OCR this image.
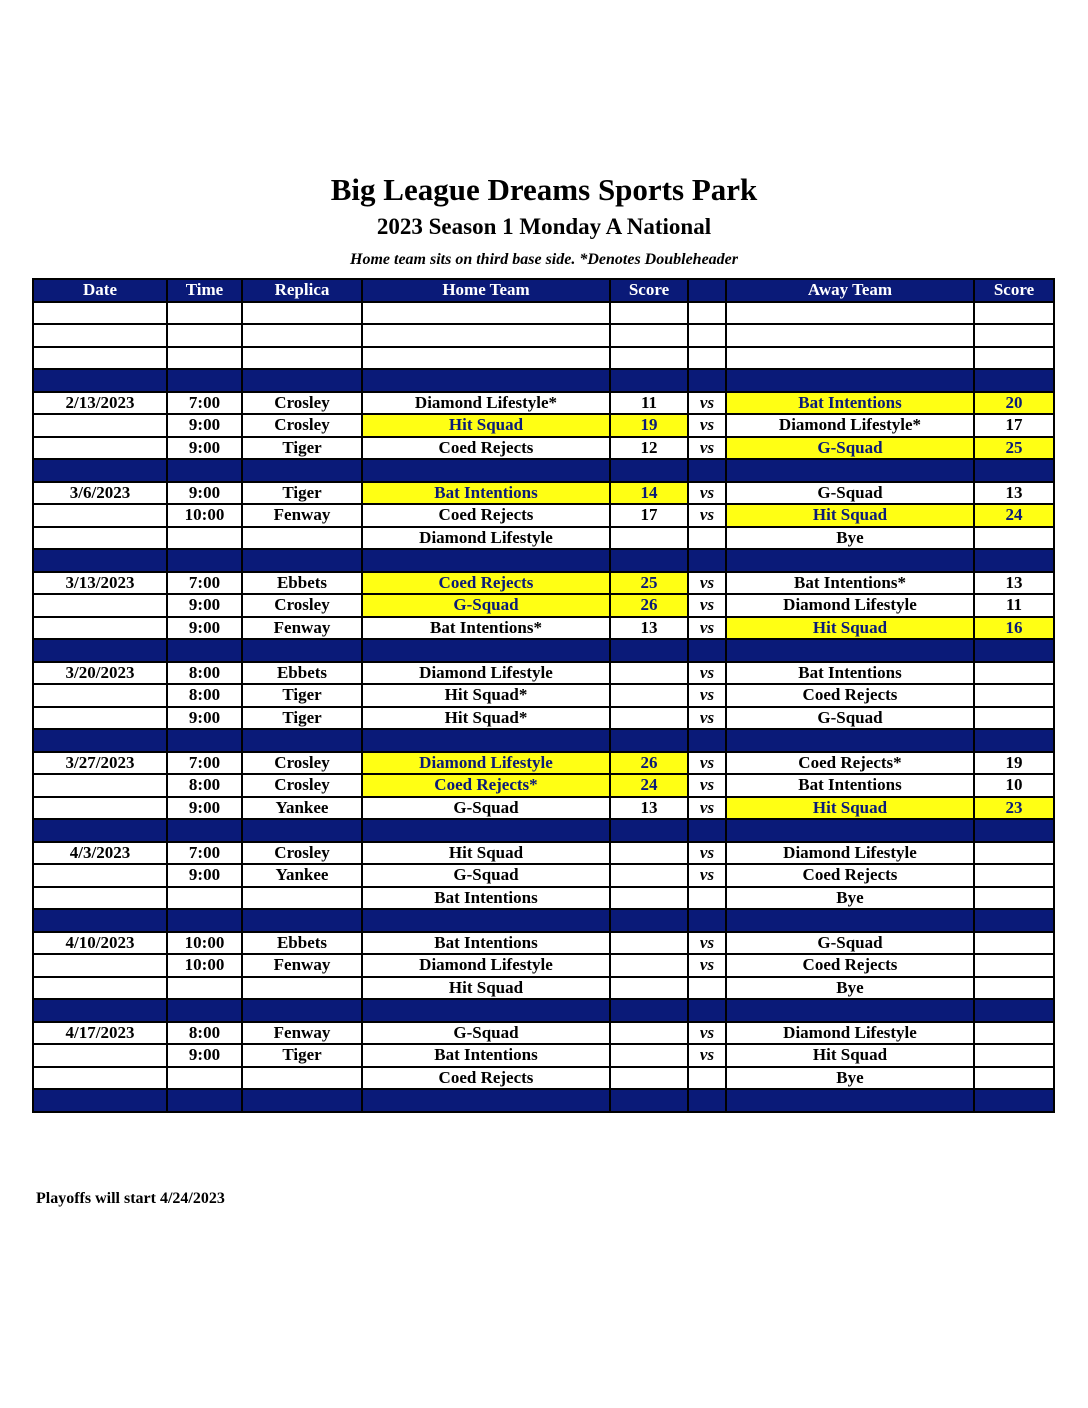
Big League Dreams Sports Park
2023 Season 1 Monday A National

Home team sits on third base side. *Denotes Doubleheader

Date	Time	Replica	Home Team	Score		Away Team	Score

2/13/2023	7:00	Crosley	Diamond Lifestyle*	11	vs	Bat Intentions	20
	9:00	Crosley	Hit Squad	19	vs	Diamond Lifestyle*	17
	9:00	Tiger	Coed Rejects	12	vs	G-Squad	25

3/6/2023	9:00	Tiger	Bat Intentions	14	vs	G-Squad	13
	10:00	Fenway	Coed Rejects	17	vs	Hit Squad	24
			Diamond Lifestyle			Bye	

3/13/2023	7:00	Ebbets	Coed Rejects	25	vs	Bat Intentions*	13
	9:00	Crosley	G-Squad	26	vs	Diamond Lifestyle	11
	9:00	Fenway	Bat Intentions*	13	vs	Hit Squad	16

3/20/2023	8:00	Ebbets	Diamond Lifestyle		vs	Bat Intentions	
	8:00	Tiger	Hit Squad*		vs	Coed Rejects	
	9:00	Tiger	Hit Squad*		vs	G-Squad	

3/27/2023	7:00	Crosley	Diamond Lifestyle	26	vs	Coed Rejects*	19
	8:00	Crosley	Coed Rejects*	24	vs	Bat Intentions	10
	9:00	Yankee	G-Squad	13	vs	Hit Squad	23

4/3/2023	7:00	Crosley	Hit Squad		vs	Diamond Lifestyle	
	9:00	Yankee	G-Squad		vs	Coed Rejects	
			Bat Intentions			Bye	

4/10/2023	10:00	Ebbets	Bat Intentions		vs	G-Squad	
	10:00	Fenway	Diamond Lifestyle		vs	Coed Rejects	
			Hit Squad			Bye	

4/17/2023	8:00	Fenway	G-Squad		vs	Diamond Lifestyle	
	9:00	Tiger	Bat Intentions		vs	Hit Squad	
			Coed Rejects			Bye	

Playoffs will start 4/24/2023
